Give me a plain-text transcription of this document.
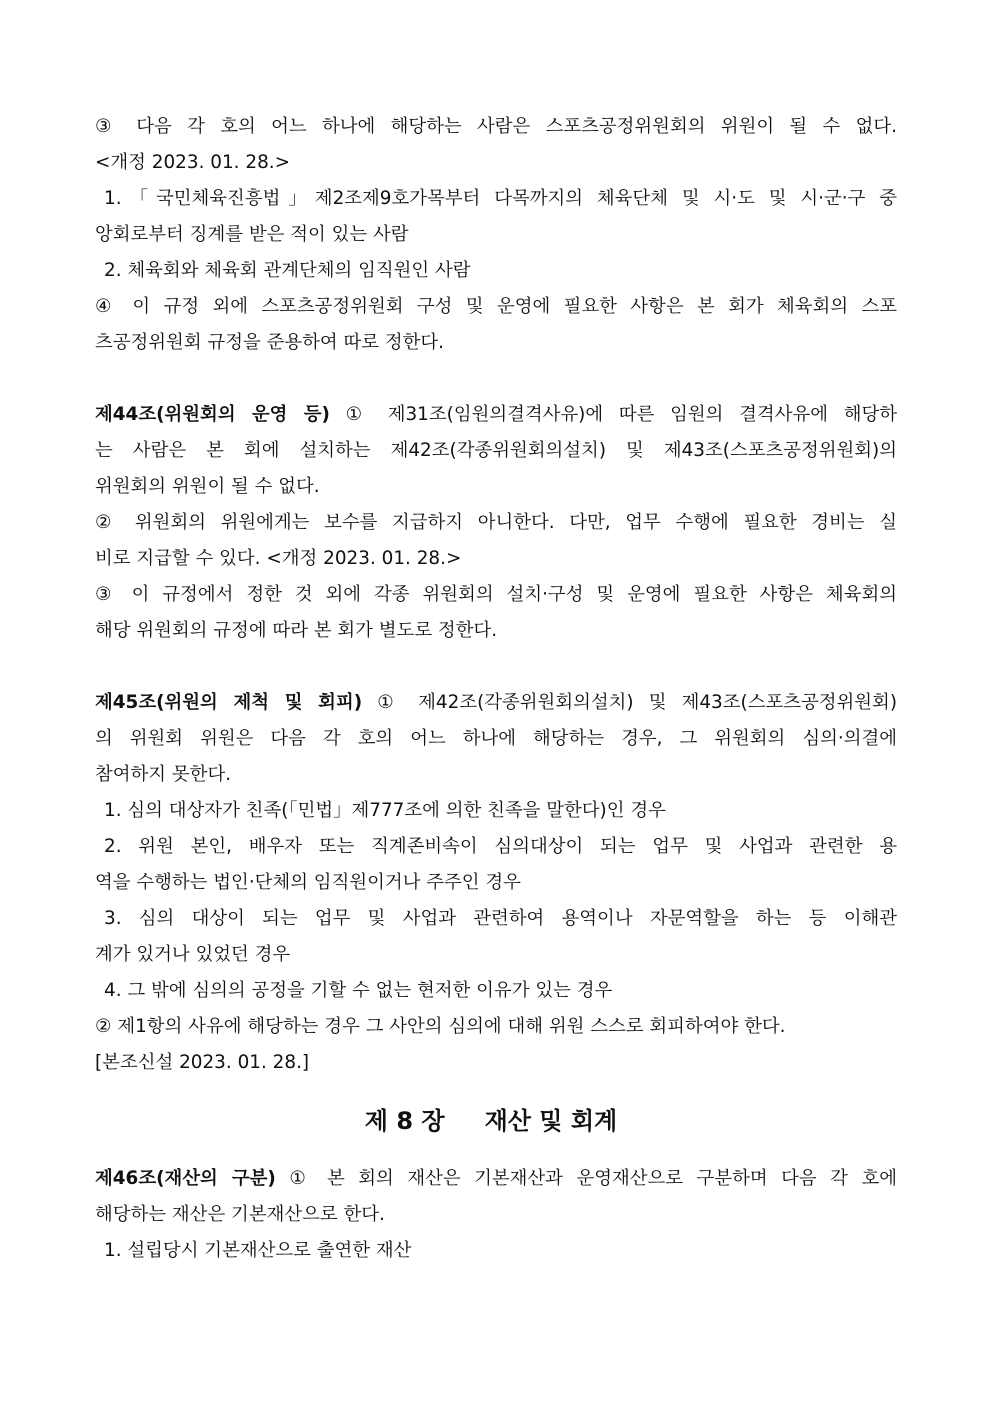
③ 다음 각 호의 어느 하나에 해당하는 사람은 스포츠공정위원회의 위원이 될 수 없다.
<개정 2023. 01. 28.>
1.「국민체육진흥법」제2조제9호가목부터 다목까지의 체육단체 및 시·도 및 시·군·구 중
앙회로부터 징계를 받은 적이 있는 사람
2. 체육회와 체육회 관계단체의 임직원인 사람
④ 이 규정 외에 스포츠공정위원회 구성 및 운영에 필요한 사항은 본 회가 체육회의 스포
츠공정위원회 규정을 준용하여 따로 정한다.
제44조(위원회의 운영 등) ① 제31조(임원의결격사유)에 따른 임원의 결격사유에 해당하
는 사람은 본 회에 설치하는 제42조(각종위원회의설치) 및 제43조(스포츠공정위원회)의
위원회의 위원이 될 수 없다.
② 위원회의 위원에게는 보수를 지급하지 아니한다. 다만, 업무 수행에 필요한 경비는 실
비로 지급할 수 있다. <개정 2023. 01. 28.>
③ 이 규정에서 정한 것 외에 각종 위원회의 설치·구성 및 운영에 필요한 사항은 체육회의
해당 위원회의 규정에 따라 본 회가 별도로 정한다.
제45조(위원의 제척 및 회피) ① 제42조(각종위원회의설치) 및 제43조(스포츠공정위원회)
의 위원회 위원은 다음 각 호의 어느 하나에 해당하는 경우, 그 위원회의 심의·의결에
참여하지 못한다.
1. 심의 대상자가 친족(「민법」제777조에 의한 친족을 말한다)인 경우
2. 위원 본인, 배우자 또는 직계존비속이 심의대상이 되는 업무 및 사업과 관련한 용
역을 수행하는 법인·단체의 임직원이거나 주주인 경우
3. 심의 대상이 되는 업무 및 사업과 관련하여 용역이나 자문역할을 하는 등 이해관
계가 있거나 있었던 경우
4. 그 밖에 심의의 공정을 기할 수 없는 현저한 이유가 있는 경우
② 제1항의 사유에 해당하는 경우 그 사안의 심의에 대해 위원 스스로 회피하여야 한다.
[본조신설 2023. 01. 28.]
제 8 장 재산 및 회계
제46조(재산의 구분) ① 본 회의 재산은 기본재산과 운영재산으로 구분하며 다음 각 호에
해당하는 재산은 기본재산으로 한다.
1. 설립당시 기본재산으로 출연한 재산
